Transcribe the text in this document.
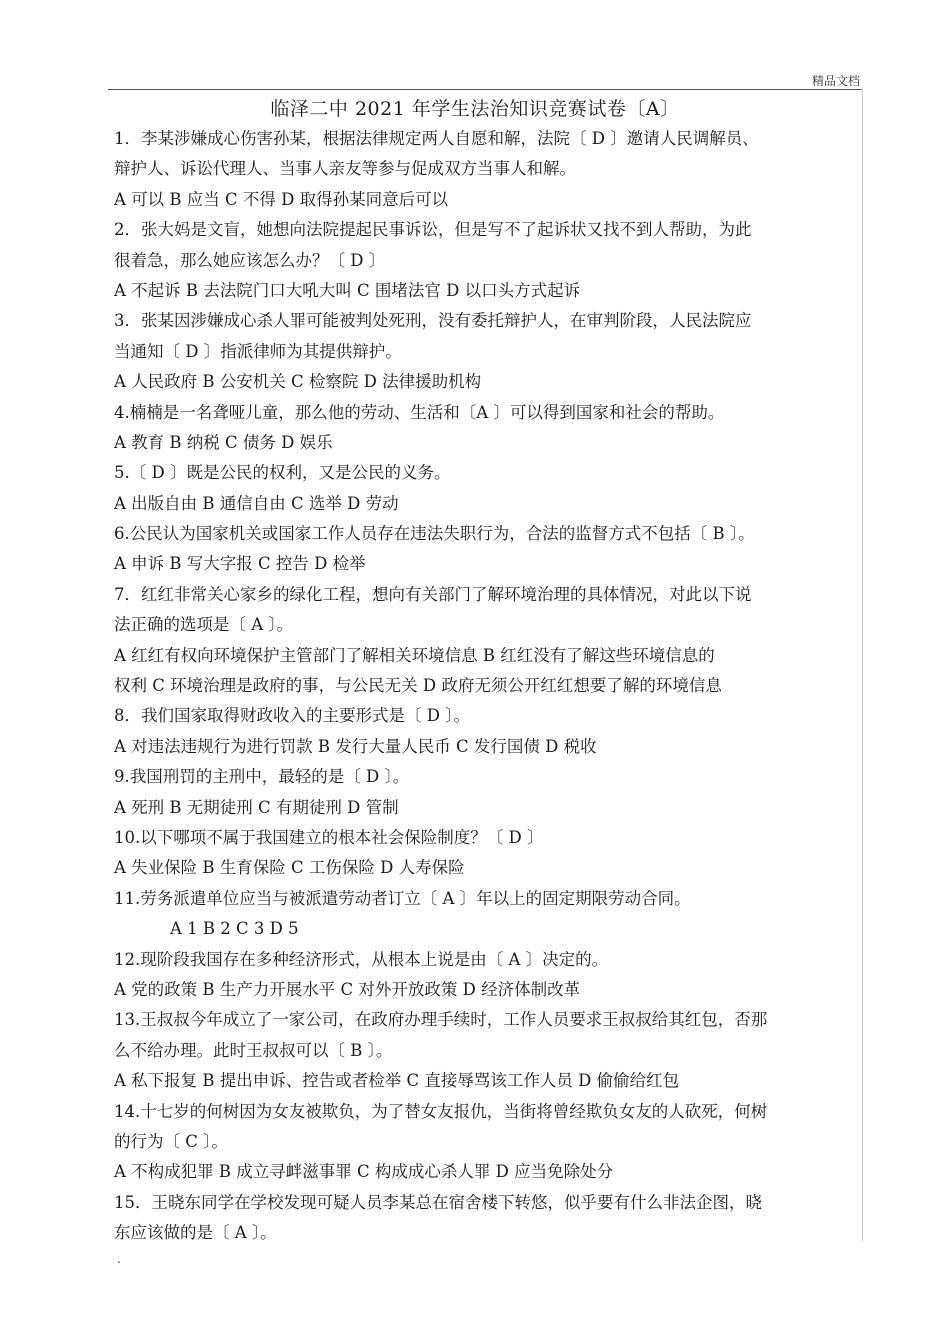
精品文档
临泽二中 2021 年学生法治知识竞赛试卷〔A〕
1．李某涉嫌成心伤害孙某，根据法律规定两人自愿和解，法院〔 D 〕邀请人民调解员、
辩护人、诉讼代理人、当事人亲友等参与促成双方当事人和解。
A 可以 B 应当 C 不得 D 取得孙某同意后可以
2．张大妈是文盲，她想向法院提起民事诉讼，但是写不了起诉状又找不到人帮助，为此
很着急，那么她应该怎么办？〔 D 〕
A 不起诉 B 去法院门口大吼大叫 C 围堵法官 D 以口头方式起诉
3．张某因涉嫌成心杀人罪可能被判处死刑，没有委托辩护人，在审判阶段，人民法院应
当通知〔 D 〕指派律师为其提供辩护。
A 人民政府 B 公安机关 C 检察院 D 法律援助机构
4.楠楠是一名聋哑儿童，那么他的劳动、生活和〔A 〕可以得到国家和社会的帮助。
A 教育 B 纳税 C 债务 D 娱乐
5.〔 D 〕既是公民的权利，又是公民的义务。
A 出版自由 B 通信自由 C 选举 D 劳动
6.公民认为国家机关或国家工作人员存在违法失职行为，合法的监督方式不包括〔 B 〕。
A 申诉 B 写大字报 C 控告 D 检举
7．红红非常关心家乡的绿化工程，想向有关部门了解环境治理的具体情况，对此以下说
法正确的选项是〔 A 〕。
A 红红有权向环境保护主管部门了解相关环境信息 B 红红没有了解这些环境信息的
权利 C 环境治理是政府的事，与公民无关 D 政府无须公开红红想要了解的环境信息
8．我们国家取得财政收入的主要形式是〔 D 〕。
A 对违法违规行为进行罚款 B 发行大量人民币 C 发行国债 D 税收
9.我国刑罚的主刑中，最轻的是〔 D 〕。
A 死刑 B 无期徒刑 C 有期徒刑 D 管制
10.以下哪项不属于我国建立的根本社会保险制度？〔 D 〕
A 失业保险 B 生育保险 C 工伤保险 D 人寿保险
11.劳务派遣单位应当与被派遣劳动者订立〔 A 〕年以上的固定期限劳动合同。
A 1 B 2 C 3 D 5
12.现阶段我国存在多种经济形式，从根本上说是由〔 A 〕决定的。
A 党的政策 B 生产力开展水平 C 对外开放政策 D 经济体制改革
13.王叔叔今年成立了一家公司，在政府办理手续时，工作人员要求王叔叔给其红包，否那
么不给办理。此时王叔叔可以〔 B 〕。
A 私下报复 B 提出申诉、控告或者检举 C 直接辱骂该工作人员 D 偷偷给红包
14.十七岁的何树因为女友被欺负，为了替女友报仇，当街将曾经欺负女友的人砍死，何树
的行为〔 C 〕。
A 不构成犯罪 B 成立寻衅滋事罪 C 构成成心杀人罪 D 应当免除处分
15．王晓东同学在学校发现可疑人员李某总在宿舍楼下转悠，似乎要有什么非法企图，晓
东应该做的是〔 A 〕。
.
